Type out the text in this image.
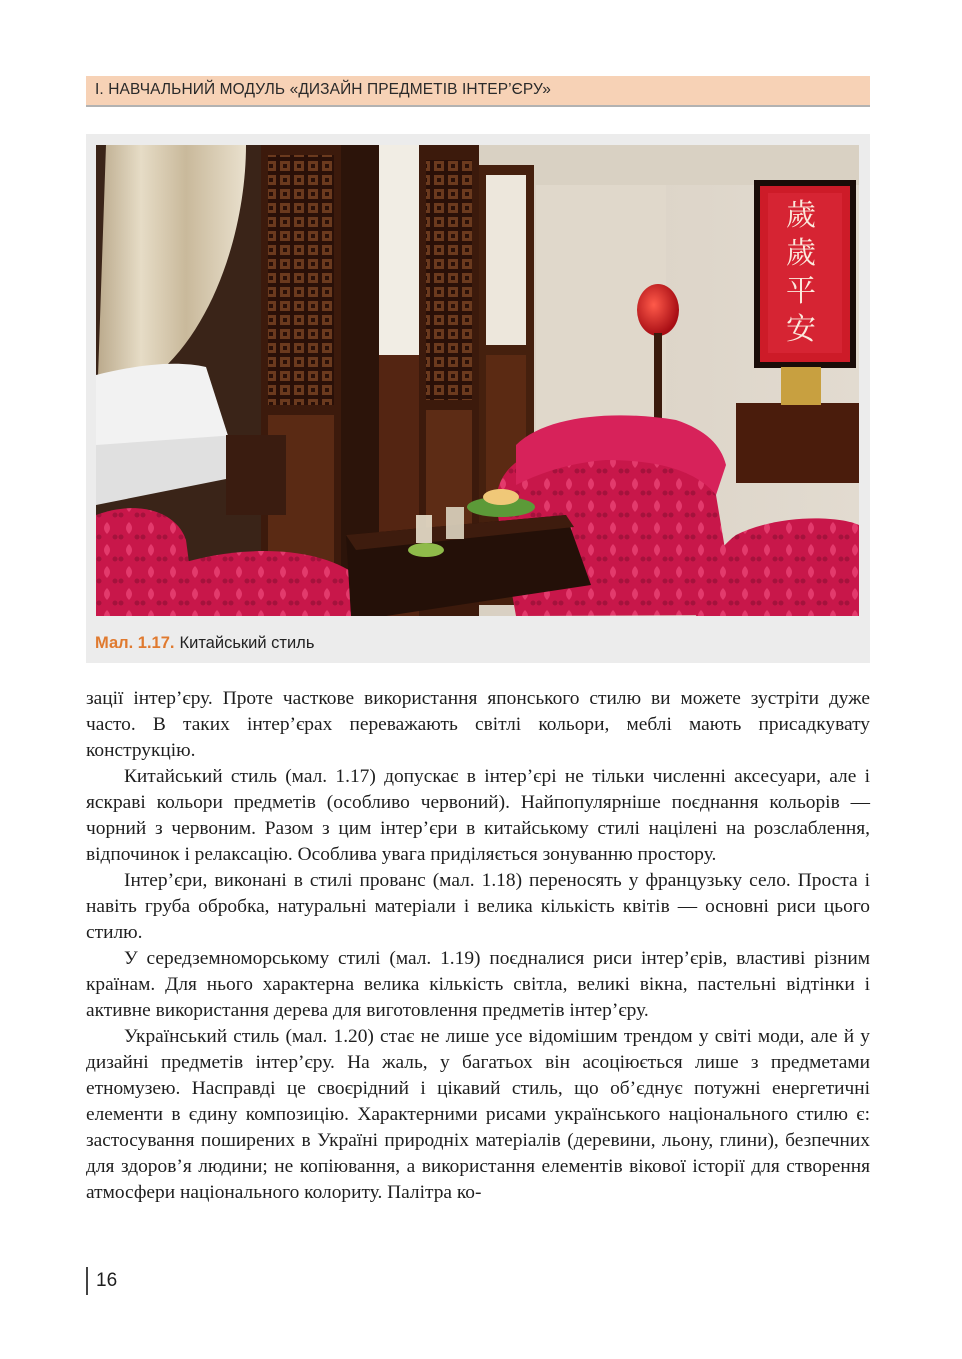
І. НАВЧАЛЬНИЙ МОДУЛЬ «ДИЗАЙН ПРЕДМЕТІВ ІНТЕР’ЄРУ»
歲歲平安
Мал. 1.17. Китайський стиль

зації інтер’єру. Проте часткове використання японського стилю ви можете зустріти дуже часто. В таких інтер’єрах переважають світлі кольори, меблі мають присадкувату конструкцію.

Китайський стиль (мал. 1.17) допускає в інтер’єрі не тільки численні аксесуари, але і яскраві кольори предметів (особливо червоний). Найпопулярніше поєднання кольорів — чорний з червоним. Разом з цим інтер’єри в китайському стилі націлені на розслаблення, відпочинок і релаксацію. Особлива увага приділяється зонуванню простору.

Інтер’єри, виконані в стилі прованс (мал. 1.18) переносять у французьку село. Проста і навіть груба обробка, натуральні матеріали і велика кількість квітів — основні риси цього стилю.

У середземноморському стилі (мал. 1.19) поєдналися риси інтер’єрів, властиві різним країнам. Для нього характерна велика кількість світла, великі вікна, пастельні відтінки і активне використання дерева для виготовлення предметів інтер’єру.

Український стиль (мал. 1.20) стає не лише усе відомішим трендом у світі моди, але й у дизайні предметів інтер’єру. На жаль, у багатьох він асоціюється лише з предметами етномузею. Насправді це своєрідний і цікавий стиль, що об’єднує потужні енергетичні елементи в єдину композицію. Характерними рисами українського національного стилю є: застосування поширених в Україні природніх матеріалів (деревини, льону, глини), безпечних для здоров’я людини; не копіювання, а використання елементів вікової історії для створення атмосфери національного колориту. Палітра ко-

16
